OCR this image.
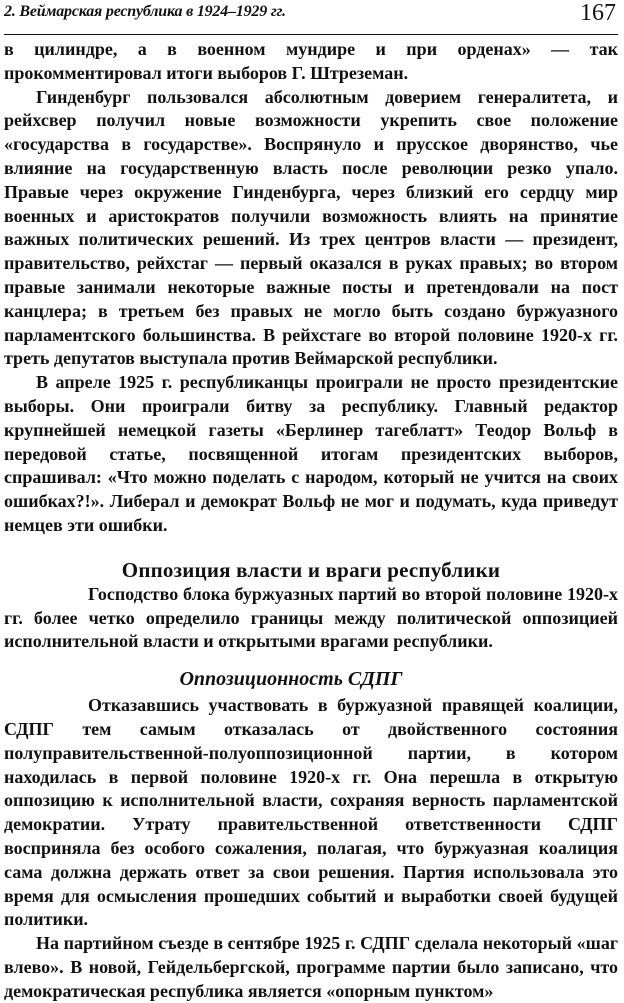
2. Веймарская республика в 1924–1929 гг.	167

в цилиндре, а в военном мундире и при орденах» — так прокомментировал итоги выборов Г. Штреземан.

Гинденбург пользовался абсолютным доверием генералитета, и рейхсвер получил новые возможности укрепить свое положение «государства в государстве». Воспрянуло и прусское дворянство, чье влияние на государственную власть после революции резко упало. Правые через окружение Гинденбурга, через близкий его сердцу мир военных и аристократов получили возможность влиять на принятие важных политических решений. Из трех центров власти — президент, правительство, рейхстаг — первый оказался в руках правых; во втором правые занимали некоторые важные посты и претендовали на пост канцлера; в третьем без правых не могло быть создано буржуазного парламентского большинства. В рейхстаге во второй половине 1920-х гг. треть депутатов выступала против Веймарской республики.

В апреле 1925 г. республиканцы проиграли не просто президентские выборы. Они проиграли битву за республику. Главный редактор крупнейшей немецкой газеты «Берлинер тагеблатт» Теодор Вольф в передовой статье, посвященной итогам президентских выборов, спрашивал: «Что можно поделать с народом, который не учится на своих ошибках?!». Либерал и демократ Вольф не мог и подумать, куда приведут немцев эти ошибки.

Оппозиция власти и враги республики

Господство блока буржуазных партий во второй половине 1920-х гг. более четко определило границы между политической оппозицией исполнительной власти и открытыми врагами республики.

Оппозиционность СДПГ

Отказавшись участвовать в буржуазной правящей коалиции, СДПГ тем самым отказалась от двойственного состояния полуправительственной-полуоппозиционной партии, в котором находилась в первой половине 1920-х гг. Она перешла в открытую оппозицию к исполнительной власти, сохраняя верность парламентской демократии. Утрату правительственной ответственности СДПГ восприняла без особого сожаления, полагая, что буржуазная коалиция сама должна держать ответ за свои решения. Партия использовала это время для осмысления прошедших событий и выработки своей будущей политики.

На партийном съезде в сентябре 1925 г. СДПГ сделала некоторый «шаг влево». В новой, Гейдельбергской, программе партии было записано, что демократическая республика является «опорным пунктом»
